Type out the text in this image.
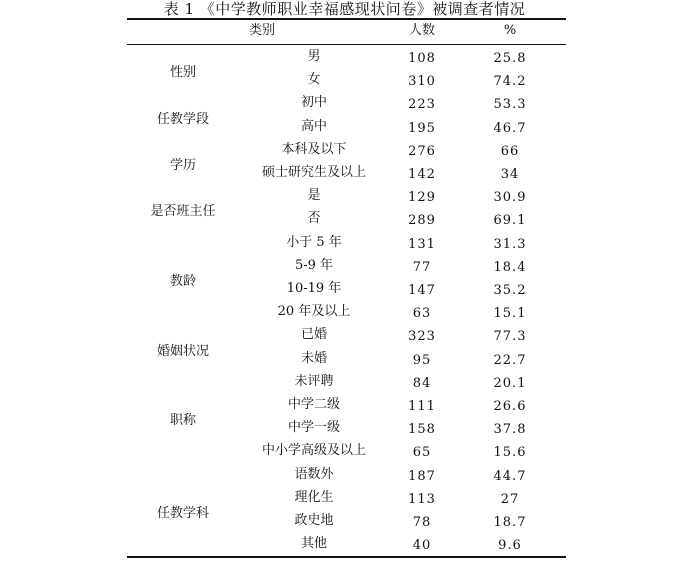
表 1 《中学教师职业幸福感现状问卷》被调查者情况
类别	人数	%
性别
男	108	25.8
女	310	74.2
任教学段
初中	223	53.3
高中	195	46.7
学历
本科及以下	276	66
硕士研究生及以上	142	34
是否班主任
是	129	30.9
否	289	69.1
教龄
小于 5 年	131	31.3
5-9 年	77	18.4
10-19 年	147	35.2
20 年及以上	63	15.1
婚姻状况
已婚	323	77.3
未婚	95	22.7
职称
未评聘	84	20.1
中学二级	111	26.6
中学一级	158	37.8
中小学高级及以上	65	15.6
任教学科
语数外	187	44.7
理化生	113	27
政史地	78	18.7
其他	40	9.6
